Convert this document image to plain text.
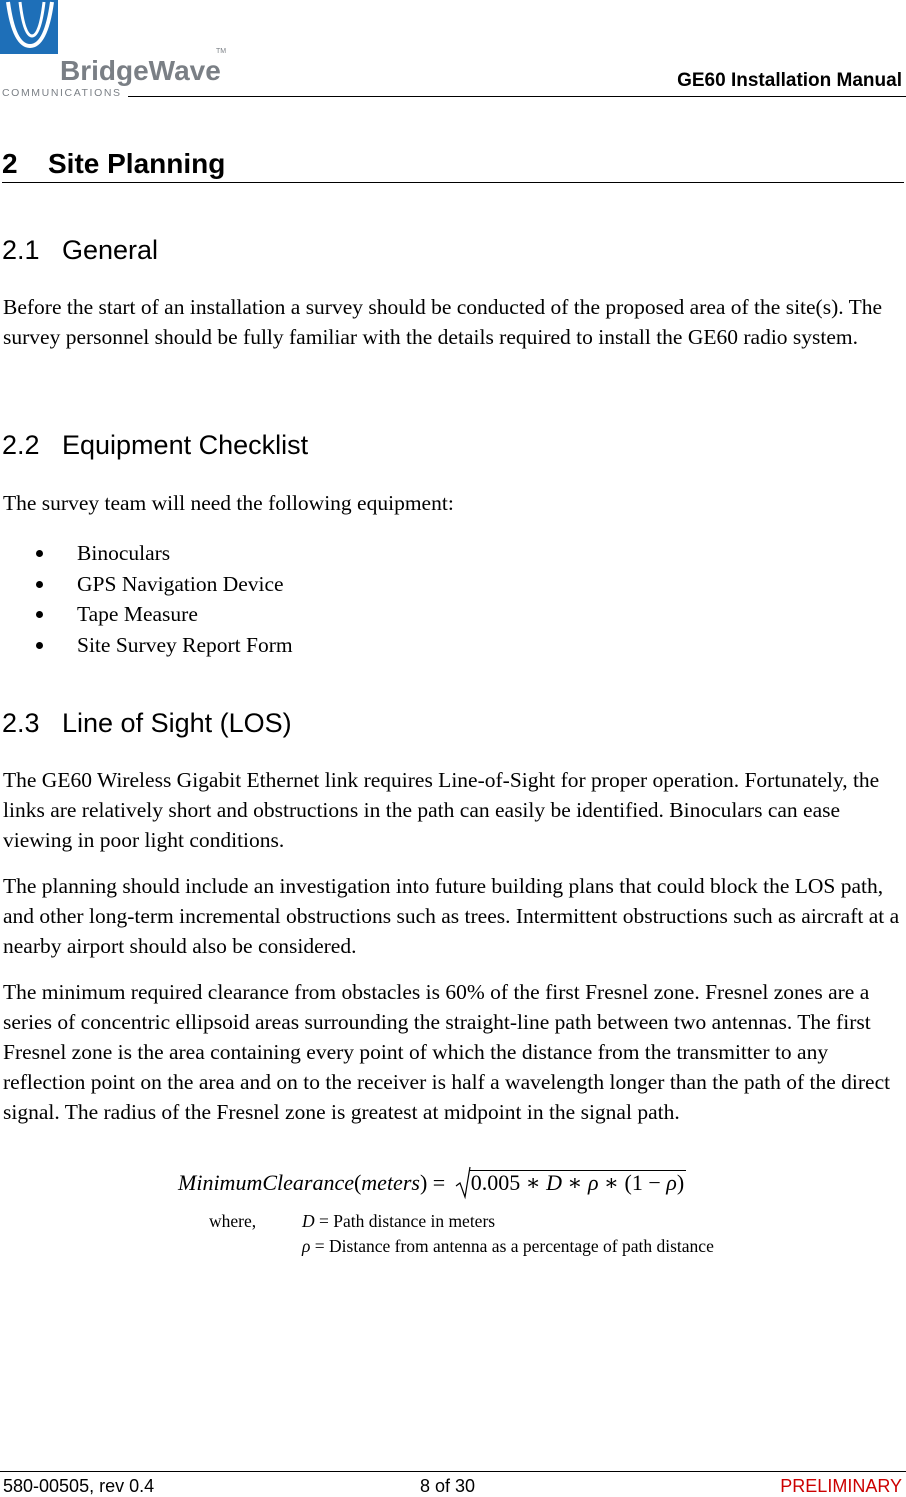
BridgeWave
COMMUNICATIONS
TM
GE60 Installation Manual
2 Site Planning
2.1 General

Before the start of an installation a survey should be conducted of the proposed area of the site(s). The survey personnel should be fully familiar with the details required to install the GE60 radio system.

2.2 Equipment Checklist

The survey team will need the following equipment:

Binoculars
GPS Navigation Device
Tape Measure
Site Survey Report Form
2.3 Line of Sight (LOS)

The GE60 Wireless Gigabit Ethernet link requires Line-of-Sight for proper operation. Fortunately, the links are relatively short and obstructions in the path can easily be identified. Binoculars can ease viewing in poor light conditions.

The planning should include an investigation into future building plans that could block the LOS path, and other long-term incremental obstructions such as trees. Intermittent obstructions such as aircraft at a nearby airport should also be considered.

The minimum required clearance from obstacles is 60% of the first Fresnel zone. Fresnel zones are a series of concentric ellipsoid areas surrounding the straight-line path between two antennas. The first Fresnel zone is the area containing every point of which the distance from the transmitter to any reflection point on the area and on to the receiver is half a wavelength longer than the path of the direct signal. The radius of the Fresnel zone is greatest at midpoint in the signal path.

MinimumClearance(meters) =
0.005 ∗ D ∗ ρ ∗ (1 − ρ)
where,	D = Path distance in meters
ρ = Distance from antenna as a percentage of path distance
580-00505, rev 0.4	8 of 30	PRELIMINARY
